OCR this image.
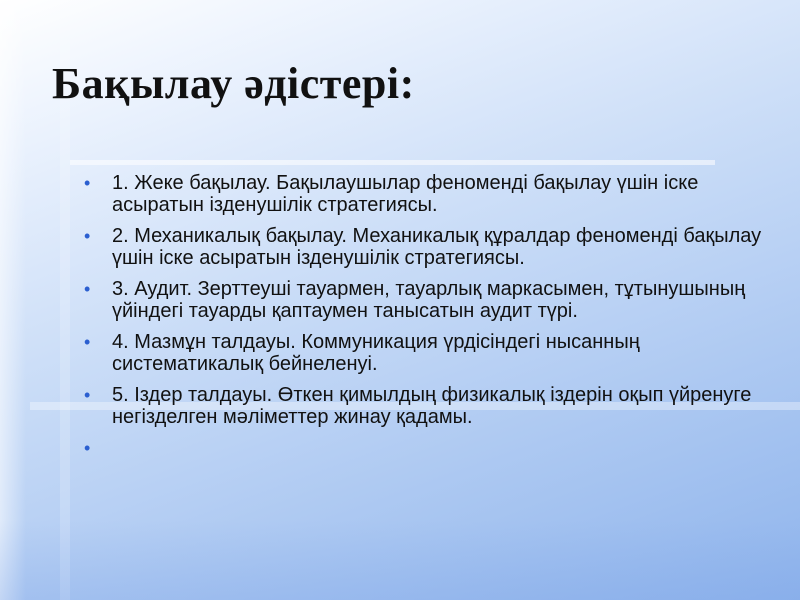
Бақылау әдістері:
• 1. Жеке бақылау. Бақылаушылар феноменді бақылау үшін іске асыратын ізденушілік стратегиясы.
• 2. Механикалық бақылау. Механикалық құралдар феноменді бақылау үшін іске асыратын ізденушілік стратегиясы.
• 3. Аудит. Зерттеуші тауармен, тауарлық маркасымен, тұтынушының үйіндегі тауарды қаптаумен танысатын аудит түрі.
• 4. Мазмұн талдауы. Коммуникация үрдісіндегі нысанның систематикалық бейнеленуі.
• 5. Іздер талдауы. Өткен қимылдың физикалық іздерін оқып үйренуге негізделген мәліметтер жинау қадамы.
•
